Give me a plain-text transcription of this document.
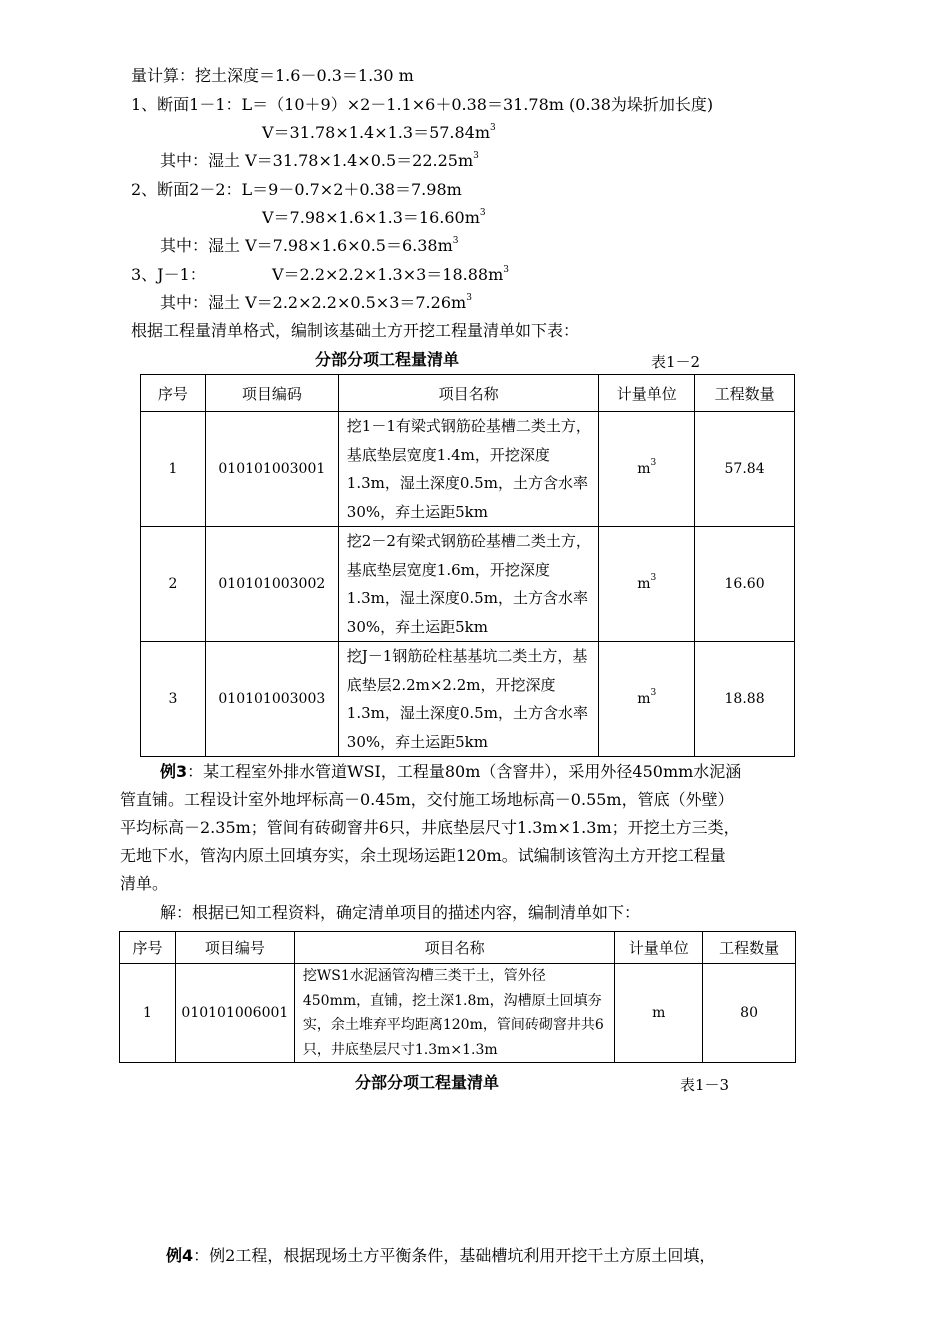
量计算：挖土深度＝1.6－0.3＝1.30 m
1、断面1－1：L＝（10＋9）×2－1.1×6＋0.38＝31.78m (0.38为垛折加长度)
$V=31.78\times 1.4\times 1.3=57.84m^3$
其中：湿土 $V=31.78\times 1.4\times 0.5=22.25m^3$
2、断面2－2：L＝9－0.7×2＋0.38＝7.98m
$V=7.98\times 1.6\times 1.3=16.60m^3$
其中：湿土 $V=7.98\times 1.6\times 0.5=6.38m^3$
3、J－1：	$V=2.2\times 2.2\times 1.3\times 3=18.88m^3$
其中：湿土 $V=2.2\times 2.2\times 0.5\times 3=7.26m^3$
根据工程量清单格式，编制该基础土方开挖工程量清单如下表：
分部分项工程量清单	表1－2
序号	项目编码	项目名称	计量单位	工程数量
1	010101003001	挖1－1有梁式钢筋砼基槽二类土方，基底垫层宽度1.4m，开挖深度1.3m，湿土深度0.5m，土方含水率30%，弃土运距5km	$m^3$	57.84
2	010101003002	挖2－2有梁式钢筋砼基槽二类土方，基底垫层宽度1.6m，开挖深度1.3m，湿土深度0.5m，土方含水率30%，弃土运距5km	$m^3$	16.60
3	010101003003	挖J－1钢筋砼柱基基坑二类土方，基底垫层2.2m×2.2m，开挖深度1.3m，湿土深度0.5m，土方含水率30%，弃土运距5km	$m^3$	18.88
例3：某工程室外排水管道WSI，工程量80m（含窨井），采用外径450mm水泥涵
管直铺。工程设计室外地坪标高－0.45m，交付施工场地标高－0.55m，管底（外壁）
平均标高－2.35m；管间有砖砌窨井6只，井底垫层尺寸1.3m×1.3m；开挖土方三类，
无地下水，管沟内原土回填夯实，余土现场运距120m。试编制该管沟土方开挖工程量
清单。
解：根据已知工程资料，确定清单项目的描述内容，编制清单如下：
序号	项目编号	项目名称	计量单位	工程数量
1	010101006001	挖WS1水泥涵管沟槽三类干土，管外径450mm，直铺，挖土深1.8m，沟槽原土回填夯实，余土堆弃平均距离120m，管间砖砌窨井共6只，井底垫层尺寸1.3m×1.3m	m	80
分部分项工程量清单	表1－3
例4：例2工程，根据现场土方平衡条件，基础槽坑利用开挖干土方原土回填，
